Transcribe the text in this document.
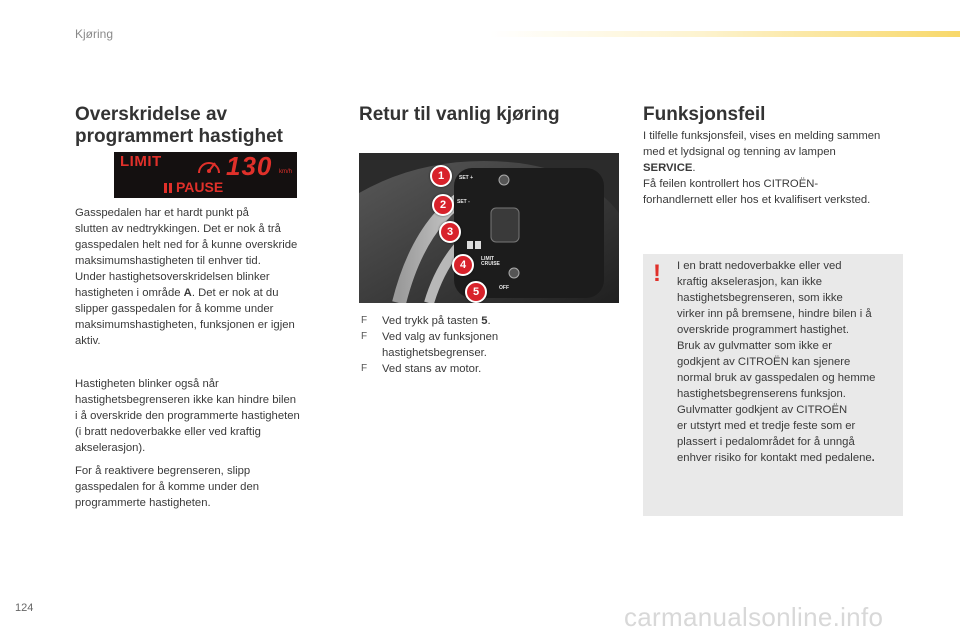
Kjøring
Overskridelse av
programmert hastighet
LIMIT 130 km/h
PAUSE

Gasspedalen har et hardt punkt på
slutten av nedtrykkingen. Det er nok å trå
gasspedalen helt ned for å kunne overskride
maksimumshastigheten til enhver tid.
Under hastighetsoverskridelsen blinker
hastigheten i område A. Det er nok at du
slipper gasspedalen for å komme under
maksimumshastigheten, funksjonen er igjen
aktiv.

Hastigheten blinker også når
hastighetsbegrenseren ikke kan hindre bilen
i å overskride den programmerte hastigheten
(i bratt nedoverbakke eller ved kraftig
akselerasjon).

For å reaktivere begrenseren, slipp
gasspedalen for å komme under den
programmerte hastigheten.

Retur til vanlig kjøring
SET +
SET -
LIMIT CRUISE
OFF
1
2
3
4
5
F Ved trykk på tasten 5.
F Ved valg av funksjonen
hastighetsbegrenser.
F Ved stans av motor.
Funksjonsfeil

I tilfelle funksjonsfeil, vises en melding sammen
med et lydsignal og tenning av lampen
SERVICE.
Få feilen kontrollert hos CITROËN-
forhandlernett eller hos et kvalifisert verksted.

! I en bratt nedoverbakke eller ved
kraftig akselerasjon, kan ikke
hastighetsbegrenseren, som ikke
virker inn på bremsene, hindre bilen i å
overskride programmert hastighet.
Bruk av gulvmatter som ikke er
godkjent av CITROËN kan sjenere
normal bruk av gasspedalen og hemme
hastighetsbegrenserens funksjon.
Gulvmatter godkjent av CITROËN
er utstyrt med et tredje feste som er
plassert i pedalområdet for å unngå
enhver risiko for kontakt med pedalene.

124	carmanualsonline.info
